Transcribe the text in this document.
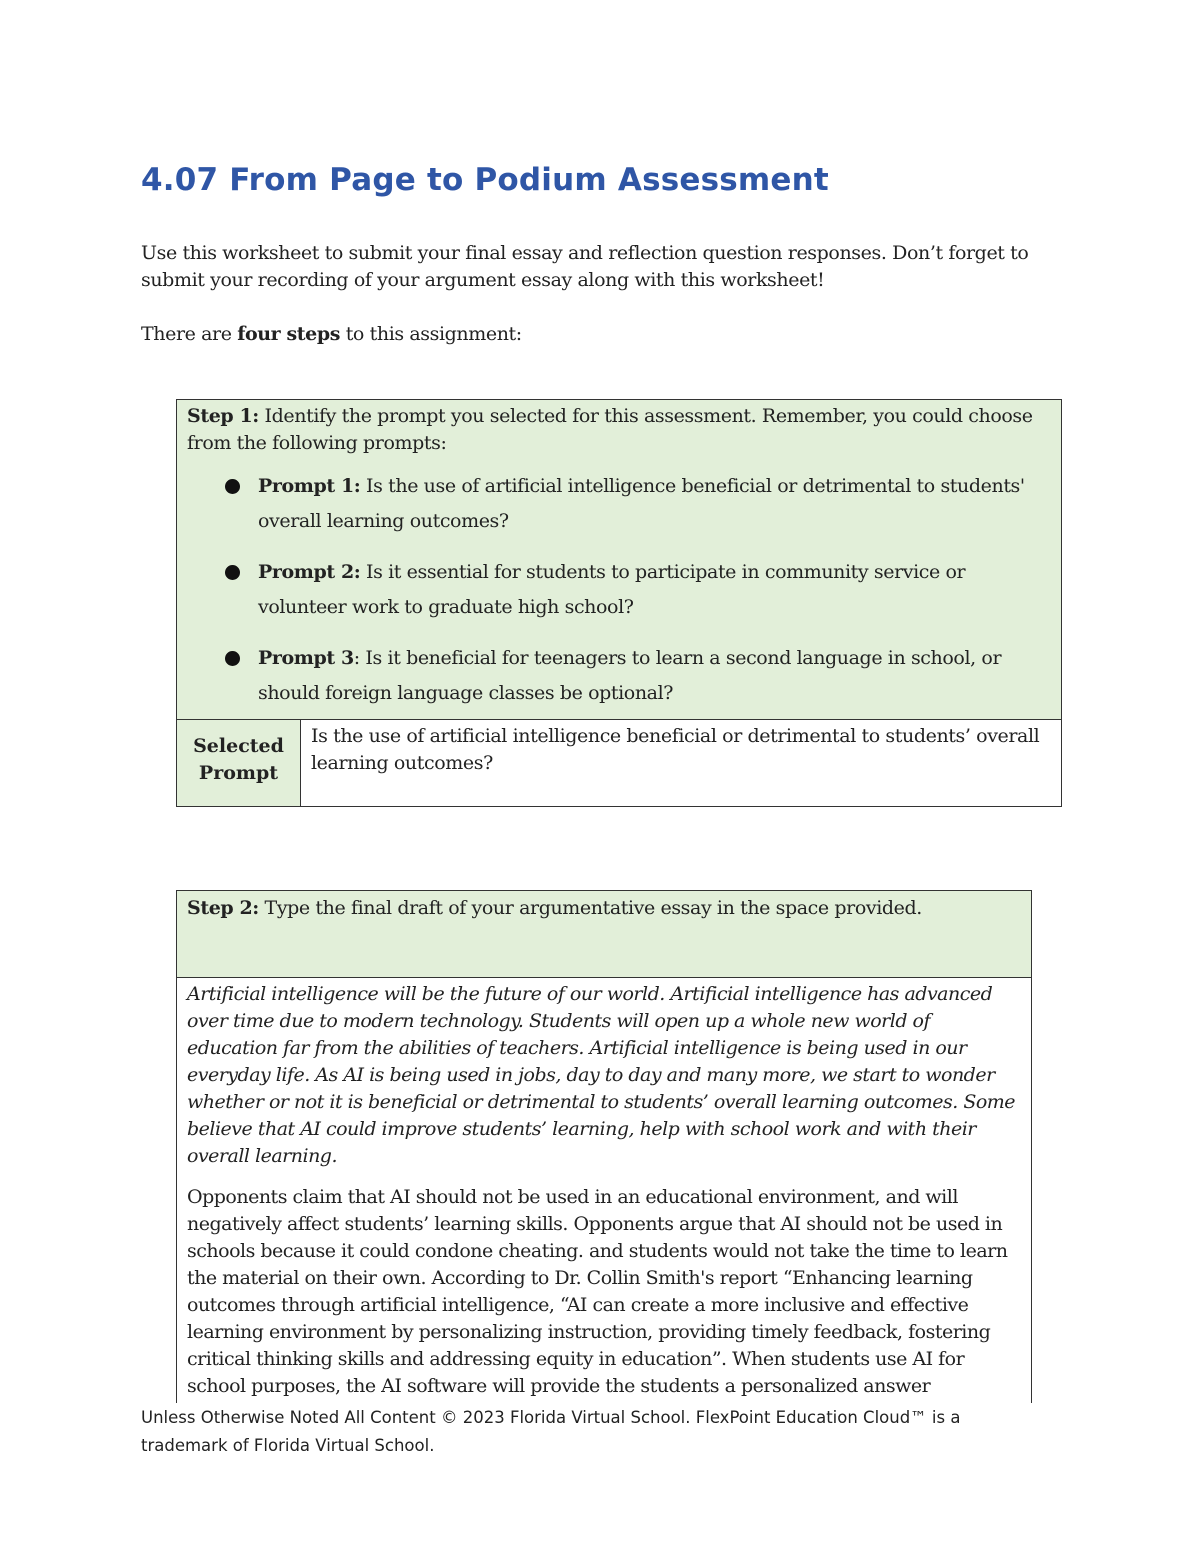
4.07 From Page to Podium Assessment
Use this worksheet to submit your final essay and reflection question responses. Don’t forget to submit your recording of your argument essay along with this worksheet!
There are four steps to this assignment:
Step 1: Identify the prompt you selected for this assessment. Remember, you could choose from the following prompts:
Prompt 1: Is the use of artificial intelligence beneficial or detrimental to students' overall learning outcomes?
Prompt 2: Is it essential for students to participate in community service or volunteer work to graduate high school?
Prompt 3: Is it beneficial for teenagers to learn a second language in school, or should foreign language classes be optional?
Selected Prompt
Is the use of artificial intelligence beneficial or detrimental to students’ overall learning outcomes?
Step 2: Type the final draft of your argumentative essay in the space provided.

Artificial intelligence will be the future of our world. Artificial intelligence has advanced over time due to modern technology. Students will open up a whole new world of education far from the abilities of teachers. Artificial intelligence is being used in our everyday life. As AI is being used in jobs, day to day and many more, we start to wonder whether or not it is beneficial or detrimental to students’ overall learning outcomes. Some believe that AI could improve students’ learning, help with school work and with their overall learning.

Opponents claim that AI should not be used in an educational environment, and will negatively affect students’ learning skills. Opponents argue that AI should not be used in schools because it could condone cheating. and students would not take the time to learn the material on their own. According to Dr. Collin Smith's report “Enhancing learning outcomes through artificial intelligence, “AI can create a more inclusive and effective learning environment by personalizing instruction, providing timely feedback, fostering critical thinking skills and addressing equity in education”. When students use AI for school purposes, the AI software will provide the students a personalized answer

Unless Otherwise Noted All Content © 2023 Florida Virtual School. FlexPoint Education Cloud™ is a trademark of Florida Virtual School.
